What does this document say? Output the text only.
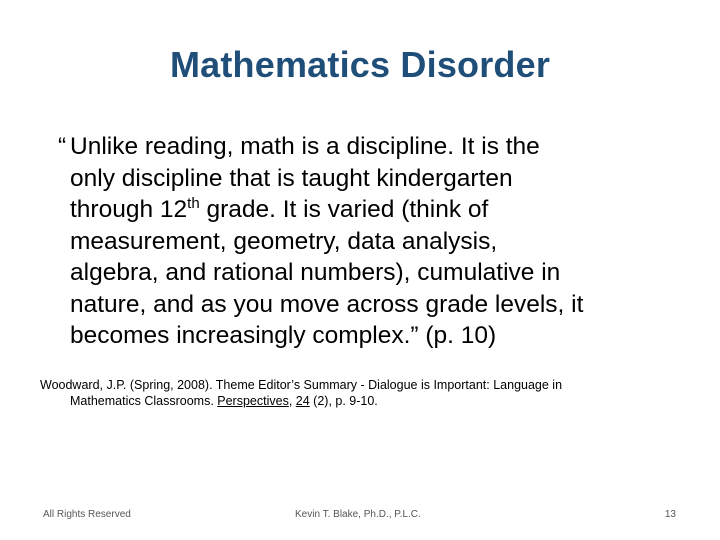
Mathematics Disorder
“ Unlike reading, math is a discipline. It is the
only discipline that is taught kindergarten
through 12th grade. It is varied (think of
measurement, geometry, data analysis,
algebra, and rational numbers), cumulative in
nature, and as you move across grade levels, it
becomes increasingly complex.” (p. 10)
Woodward, J.P. (Spring, 2008). Theme Editor’s Summary - Dialogue is Important: Language in
Mathematics Classrooms. Perspectives, 24 (2), p. 9-10.
All Rights Reserved	Kevin T. Blake, Ph.D., P.L.C.	13
